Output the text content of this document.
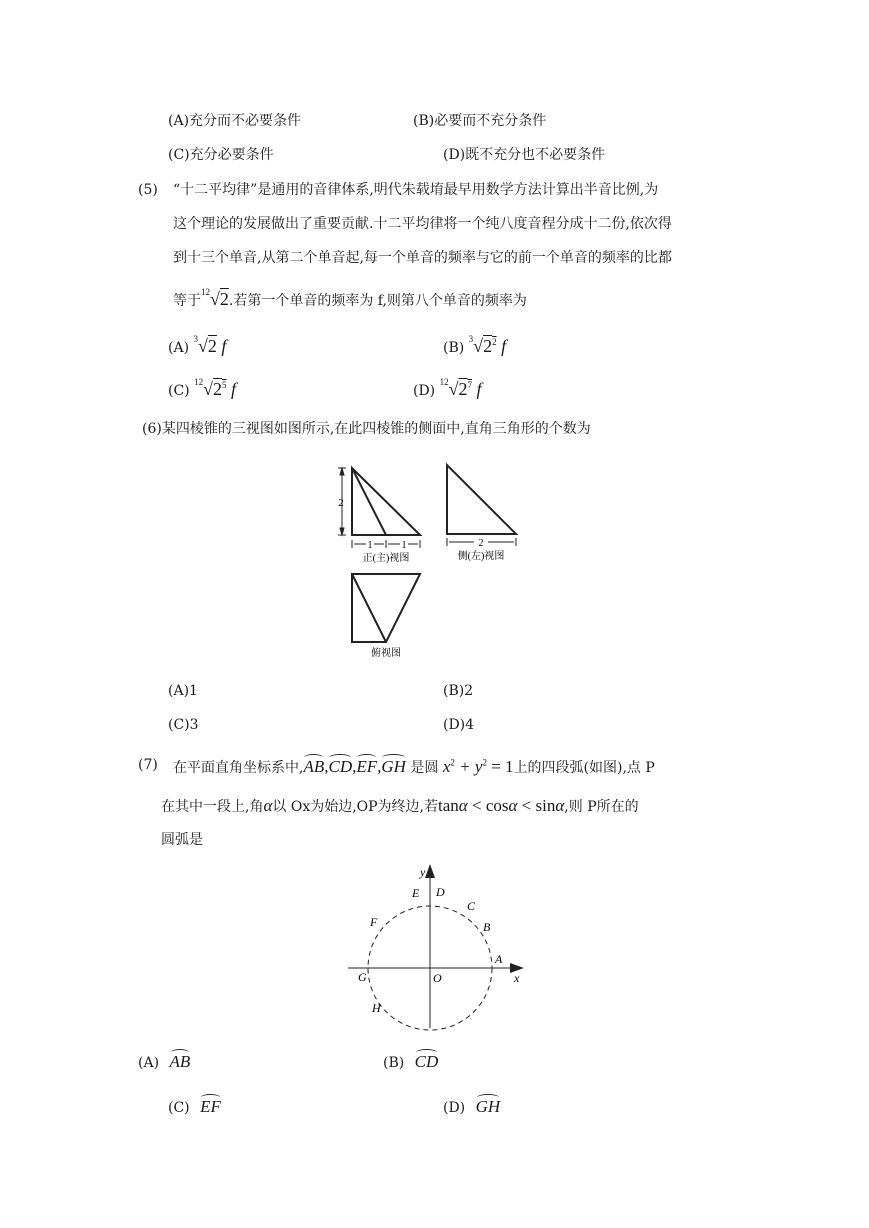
(A)充分而不必要条件	(B)必要而不充分条件
(C)充分必要条件	(D)既不充分也不必要条件
(5) “十二平均律”是通用的音律体系,明代朱载堉最早用数学方法计算出半音比例,为
这个理论的发展做出了重要贡献.十二平均律将一个纯八度音程分成十二份,依次得
到十三个单音,从第二个单音起,每一个单音的频率与它的前一个单音的频率的比都
等于$^{12}$√2.若第一个单音的频率为 f,则第八个单音的频率为
(A) $^3$√2 f	(B) $^3√2^2$ f
(C) $^{12}√2^5$ f	(D) $^{12}√2^7$ f
(6)某四棱锥的三视图如图所示,在此四棱锥的侧面中,直角三角形的个数为
2
1	1
正(主)视图
2
侧(左)视图
俯视图
(A)1	(B)2
(C)3	(D)4
(7) 在平面直角坐标系中,AB,CD,EF,GH 是圆 $x^2 + y^2 = 1$上的四段弧(如图),点 P
在其中一段上,角α以 Ox为始边,OP为终边,若tanα < cosα < sinα,则 P所在的
圆弧是
x
y
O
A
B
C
D
E
F
G
H
(A) AB	(B) CD
(C) EF	(D) GH
